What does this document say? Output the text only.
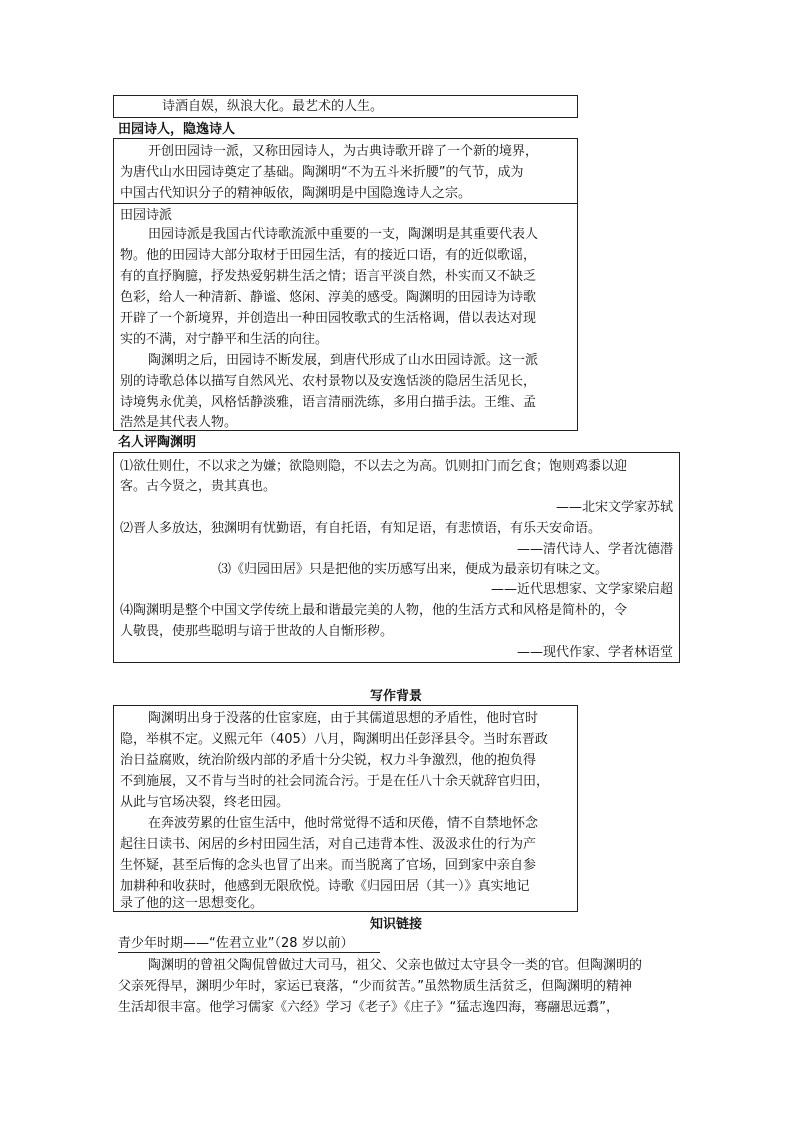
诗酒自娱，纵浪大化。最艺术的人生。
田园诗人，隐逸诗人
开创田园诗一派，又称田园诗人，为古典诗歌开辟了一个新的境界，
为唐代山水田园诗奠定了基础。陶渊明“不为五斗米折腰”的气节，成为
中国古代知识分子的精神皈依，陶渊明是中国隐逸诗人之宗。
田园诗派
田园诗派是我国古代诗歌流派中重要的一支，陶渊明是其重要代表人
物。他的田园诗大部分取材于田园生活，有的接近口语，有的近似歌谣，
有的直抒胸臆，抒发热爱躬耕生活之情；语言平淡自然，朴实而又不缺乏
色彩，给人一种清新、静谧、悠闲、淳美的感受。陶渊明的田园诗为诗歌
开辟了一个新境界，并创造出一种田园牧歌式的生活格调，借以表达对现
实的不满，对宁静平和生活的向往。
陶渊明之后，田园诗不断发展，到唐代形成了山水田园诗派。这一派
别的诗歌总体以描写自然风光、农村景物以及安逸恬淡的隐居生活见长，
诗境隽永优美，风格恬静淡雅，语言清丽洗练，多用白描手法。王维、孟
浩然是其代表人物。
名人评陶渊明
⑴欲仕则仕，不以求之为嫌；欲隐则隐，不以去之为高。饥则扣门而乞食；饱则鸡黍以迎
客。古今贤之，贵其真也。
——北宋文学家苏轼
⑵晋人多放达，独渊明有忧勤语，有自托语，有知足语，有悲愤语，有乐天安命语。
——清代诗人、学者沈德潜
⑶《归园田居》只是把他的实历感写出来，便成为最亲切有味之文。
——近代思想家、文学家梁启超
⑷陶渊明是整个中国文学传统上最和谐最完美的人物，他的生活方式和风格是简朴的，令
人敬畏，使那些聪明与谙于世故的人自惭形秽。
——现代作家、学者林语堂
写作背景
陶渊明出身于没落的仕宦家庭，由于其儒道思想的矛盾性，他时官时
隐，举棋不定。义熙元年（405）八月，陶渊明出任彭泽县令。当时东晋政
治日益腐败，统治阶级内部的矛盾十分尖锐，权力斗争激烈，他的抱负得
不到施展，又不肯与当时的社会同流合污。于是在任八十余天就辞官归田，
从此与官场决裂，终老田园。
在奔波劳累的仕宦生活中，他时常觉得不适和厌倦，情不自禁地怀念
起往日读书、闲居的乡村田园生活，对自己违背本性、汲汲求仕的行为产
生怀疑，甚至后悔的念头也冒了出来。而当脱离了官场，回到家中亲自参
加耕种和收获时，他感到无限欣悦。诗歌《归园田居（其一）》真实地记
录了他的这一思想变化。
知识链接
青少年时期——“佐君立业”（28 岁以前）
陶渊明的曾祖父陶侃曾做过大司马，祖父、父亲也做过太守县令一类的官。但陶渊明的
父亲死得早，渊明少年时，家运已衰落，“少而贫苦。”虽然物质生活贫乏，但陶渊明的精神
生活却很丰富。他学习儒家《六经》学习《老子》《庄子》“猛志逸四海，骞翮思远翥”，
